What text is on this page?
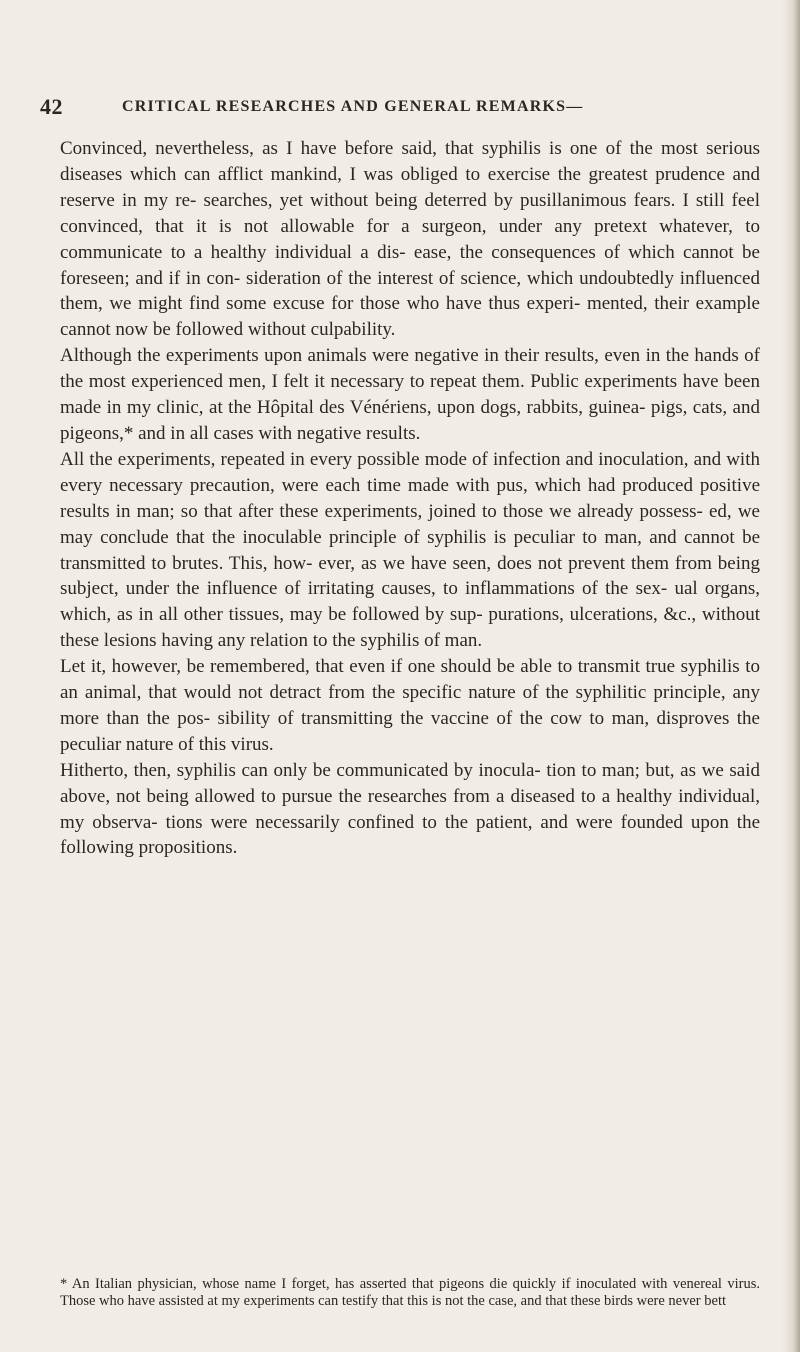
42	CRITICAL RESEARCHES AND GENERAL REMARKS—

Convinced, nevertheless, as I have before said, that syphilis is one of the most serious diseases which can afflict mankind, I was obliged to exercise the greatest prudence and reserve in my re- searches, yet without being deterred by pusillanimous fears. I still feel convinced, that it is not allowable for a surgeon, under any pretext whatever, to communicate to a healthy individual a dis- ease, the consequences of which cannot be foreseen; and if in con- sideration of the interest of science, which undoubtedly influenced them, we might find some excuse for those who have thus experi- mented, their example cannot now be followed without culpability.

Although the experiments upon animals were negative in their results, even in the hands of the most experienced men, I felt it necessary to repeat them. Public experiments have been made in my clinic, at the Hôpital des Vénériens, upon dogs, rabbits, guinea- pigs, cats, and pigeons,* and in all cases with negative results.

All the experiments, repeated in every possible mode of infection and inoculation, and with every necessary precaution, were each time made with pus, which had produced positive results in man; so that after these experiments, joined to those we already possess- ed, we may conclude that the inoculable principle of syphilis is peculiar to man, and cannot be transmitted to brutes. This, how- ever, as we have seen, does not prevent them from being subject, under the influence of irritating causes, to inflammations of the sex- ual organs, which, as in all other tissues, may be followed by sup- purations, ulcerations, &c., without these lesions having any relation to the syphilis of man.

Let it, however, be remembered, that even if one should be able to transmit true syphilis to an animal, that would not detract from the specific nature of the syphilitic principle, any more than the pos- sibility of transmitting the vaccine of the cow to man, disproves the peculiar nature of this virus.

Hitherto, then, syphilis can only be communicated by inocula- tion to man; but, as we said above, not being allowed to pursue the researches from a diseased to a healthy individual, my observa- tions were necessarily confined to the patient, and were founded upon the following propositions.

* An Italian physician, whose name I forget, has asserted that pigeons die quickly if inoculated with venereal virus. Those who have assisted at my experiments can testify that this is not the case, and that these birds were never bett
